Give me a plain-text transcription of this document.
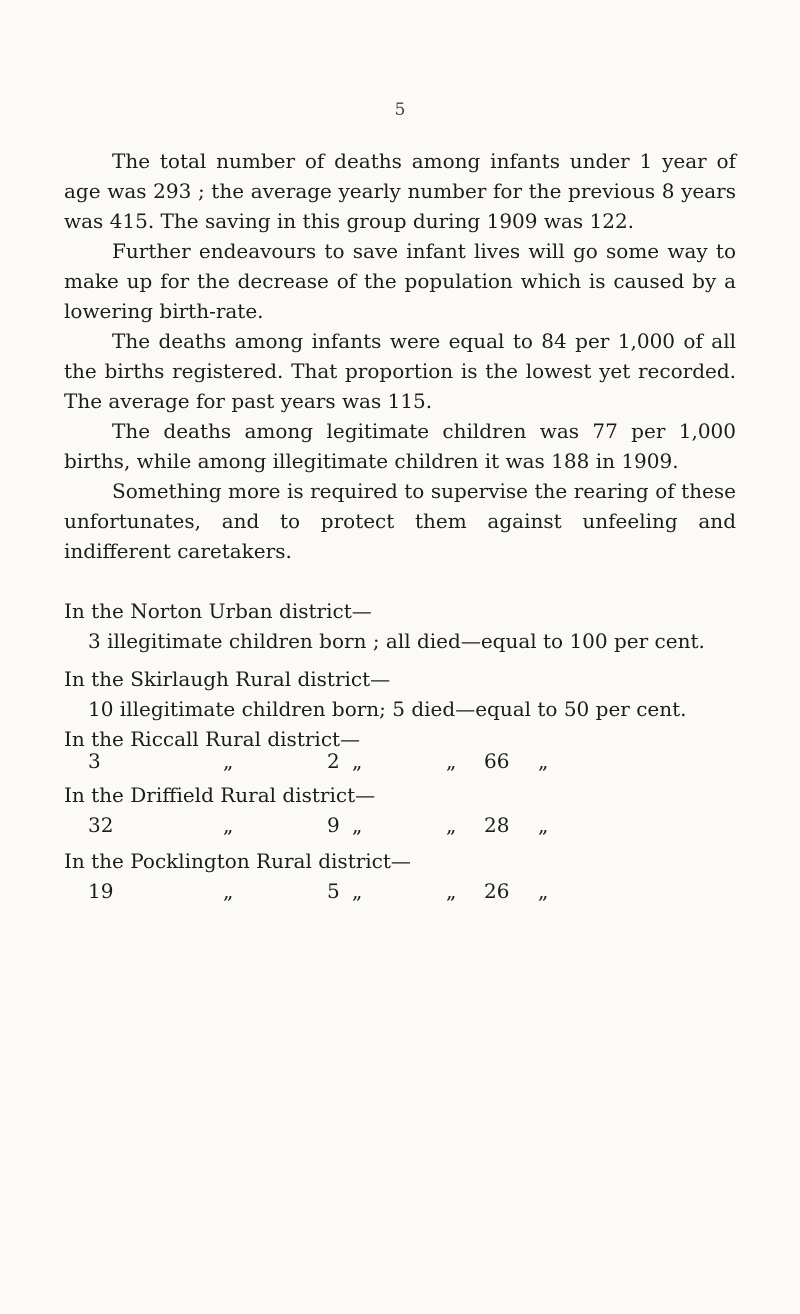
5

The total number of deaths among infants under 1 year of age was 293 ; the average yearly number for the previous 8 years was 415. The saving in this group during 1909 was 122.

Further endeavours to save infant lives will go some way to make up for the decrease of the population which is caused by a lowering birth-rate.

The deaths among infants were equal to 84 per 1,000 of all the births registered. That proportion is the lowest yet recorded. The average for past years was 115.

The deaths among legitimate children was 77 per 1,000 births, while among illegitimate children it was 188 in 1909.

Something more is required to supervise the rearing of these unfortunates, and to protect them against unfeeling and indifferent caretakers.

In the Norton Urban district—

3 illegitimate children born ; all died—equal to 100 per cent.

In the Skirlaugh Rural district—

10 illegitimate children born; 5 died—equal to 50 per cent.

In the Riccall Rural district—

3	„	2 „	„ 66 „

In the Driffield Rural district—

32	„	9 „	„ 28 „

In the Pocklington Rural district—

19	„	5 „	„ 26 „
